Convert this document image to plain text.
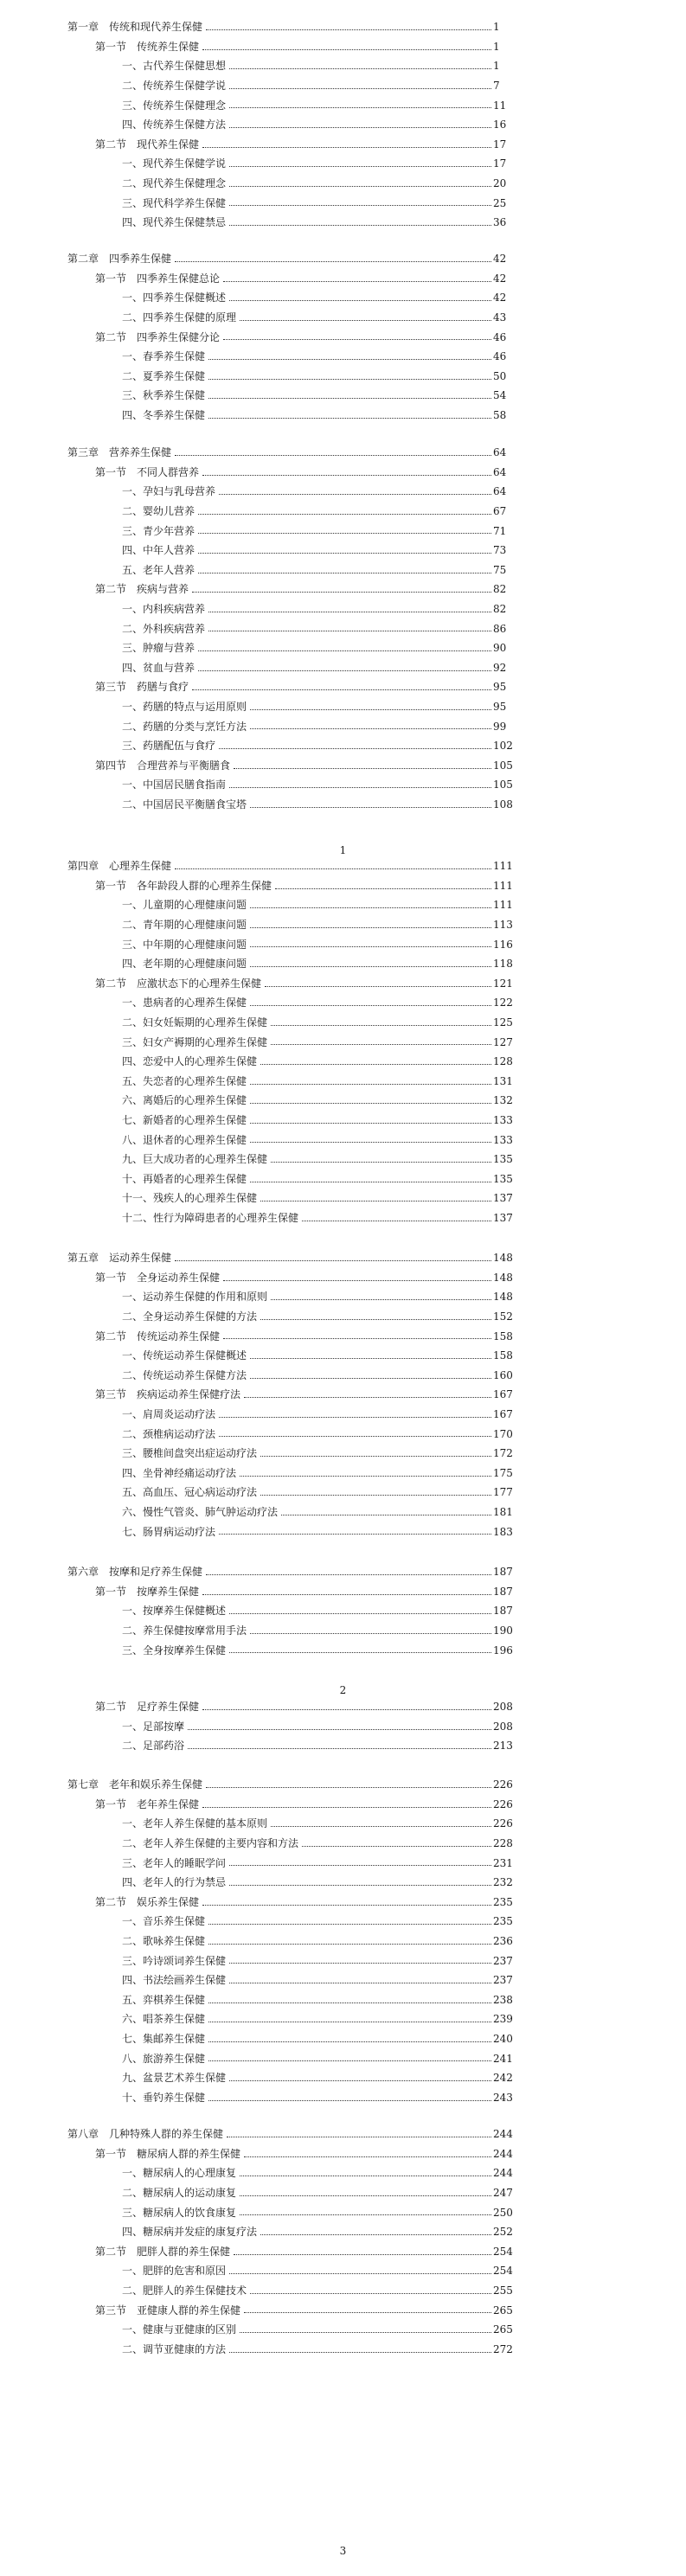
第一章　 传统和现代养生保健	1
第一节　 传统养生保健	1
一、古代养生保健思想	1
二、传统养生保健学说	7
三、传统养生保健理念	11
四、传统养生保健方法	16
第二节　 现代养生保健	17
一、现代养生保健学说	17
二、现代养生保健理念	20
三、现代科学养生保健	25
四、现代养生保健禁忌	36
第二章　 四季养生保健	42
第一节　 四季养生保健总论	42
一、四季养生保健概述	42
二、四季养生保健的原理	43
第二节　 四季养生保健分论	46
一、春季养生保健	46
二、夏季养生保健	50
三、秋季养生保健	54
四、冬季养生保健	58
第三章　 营养养生保健	64
第一节　 不同人群营养	64
一、孕妇与乳母营养	64
二、婴幼儿营养	67
三、青少年营养	71
四、中年人营养	73
五、老年人营养	75
第二节　 疾病与营养	82
一、内科疾病营养	82
二、外科疾病营养	86
三、肿瘤与营养	90
四、贫血与营养	92
第三节　 药膳与食疗	95
一、药膳的特点与运用原则	95
二、药膳的分类与烹饪方法	99
三、药膳配伍与食疗	102
第四节　 合理营养与平衡膳食	105
一、中国居民膳食指南	105
二、中国居民平衡膳食宝塔	108
第四章　 心理养生保健	111
第一节　 各年龄段人群的心理养生保健	111
一、儿童期的心理健康问题	111
二、青年期的心理健康问题	113
三、中年期的心理健康问题	116
四、老年期的心理健康问题	118
第二节　 应激状态下的心理养生保健	121
一、患病者的心理养生保健	122
二、妇女妊娠期的心理养生保健	125
三、妇女产褥期的心理养生保健	127
四、恋爱中人的心理养生保健	128
五、失恋者的心理养生保健	131
六、离婚后的心理养生保健	132
七、新婚者的心理养生保健	133
八、退休者的心理养生保健	133
九、巨大成功者的心理养生保健	135
十、再婚者的心理养生保健	135
十一、残疾人的心理养生保健	137
十二、性行为障碍患者的心理养生保健	137
第五章　 运动养生保健	148
第一节　 全身运动养生保健	148
一、运动养生保健的作用和原则	148
二、全身运动养生保健的方法	152
第二节　 传统运动养生保健	158
一、传统运动养生保健概述	158
二、传统运动养生保健方法	160
第三节　 疾病运动养生保健疗法	167
一、肩周炎运动疗法	167
二、颈椎病运动疗法	170
三、腰椎间盘突出症运动疗法	172
四、坐骨神经痛运动疗法	175
五、高血压、冠心病运动疗法	177
六、慢性气管炎、肺气肿运动疗法	181
七、肠胃病运动疗法	183
第六章　 按摩和足疗养生保健	187
第一节　 按摩养生保健	187
一、按摩养生保健概述	187
二、养生保健按摩常用手法	190
三、全身按摩养生保健	196
第二节　 足疗养生保健	208
一、足部按摩	208
二、足部药浴	213
第七章　 老年和娱乐养生保健	226
第一节　 老年养生保健	226
一、老年人养生保健的基本原则	226
二、老年人养生保健的主要内容和方法	228
三、老年人的睡眠学问	231
四、老年人的行为禁忌	232
第二节　 娱乐养生保健	235
一、音乐养生保健	235
二、歌咏养生保健	236
三、吟诗颂词养生保健	237
四、书法绘画养生保健	237
五、弈棋养生保健	238
六、唱茶养生保健	239
七、集邮养生保健	240
八、旅游养生保健	241
九、盆景艺术养生保健	242
十、垂钓养生保健	243
第八章　 几种特殊人群的养生保健	244
第一节　 糖尿病人群的养生保健	244
一、糖尿病人的心理康复	244
二、糖尿病人的运动康复	247
三、糖尿病人的饮食康复	250
四、糖尿病并发症的康复疗法	252
第二节　 肥胖人群的养生保健	254
一、肥胖的危害和原因	254
二、肥胖人的养生保健技术	255
第三节　 亚健康人群的养生保健	265
一、健康与亚健康的区别	265
二、调节亚健康的方法	272
1
2
3
